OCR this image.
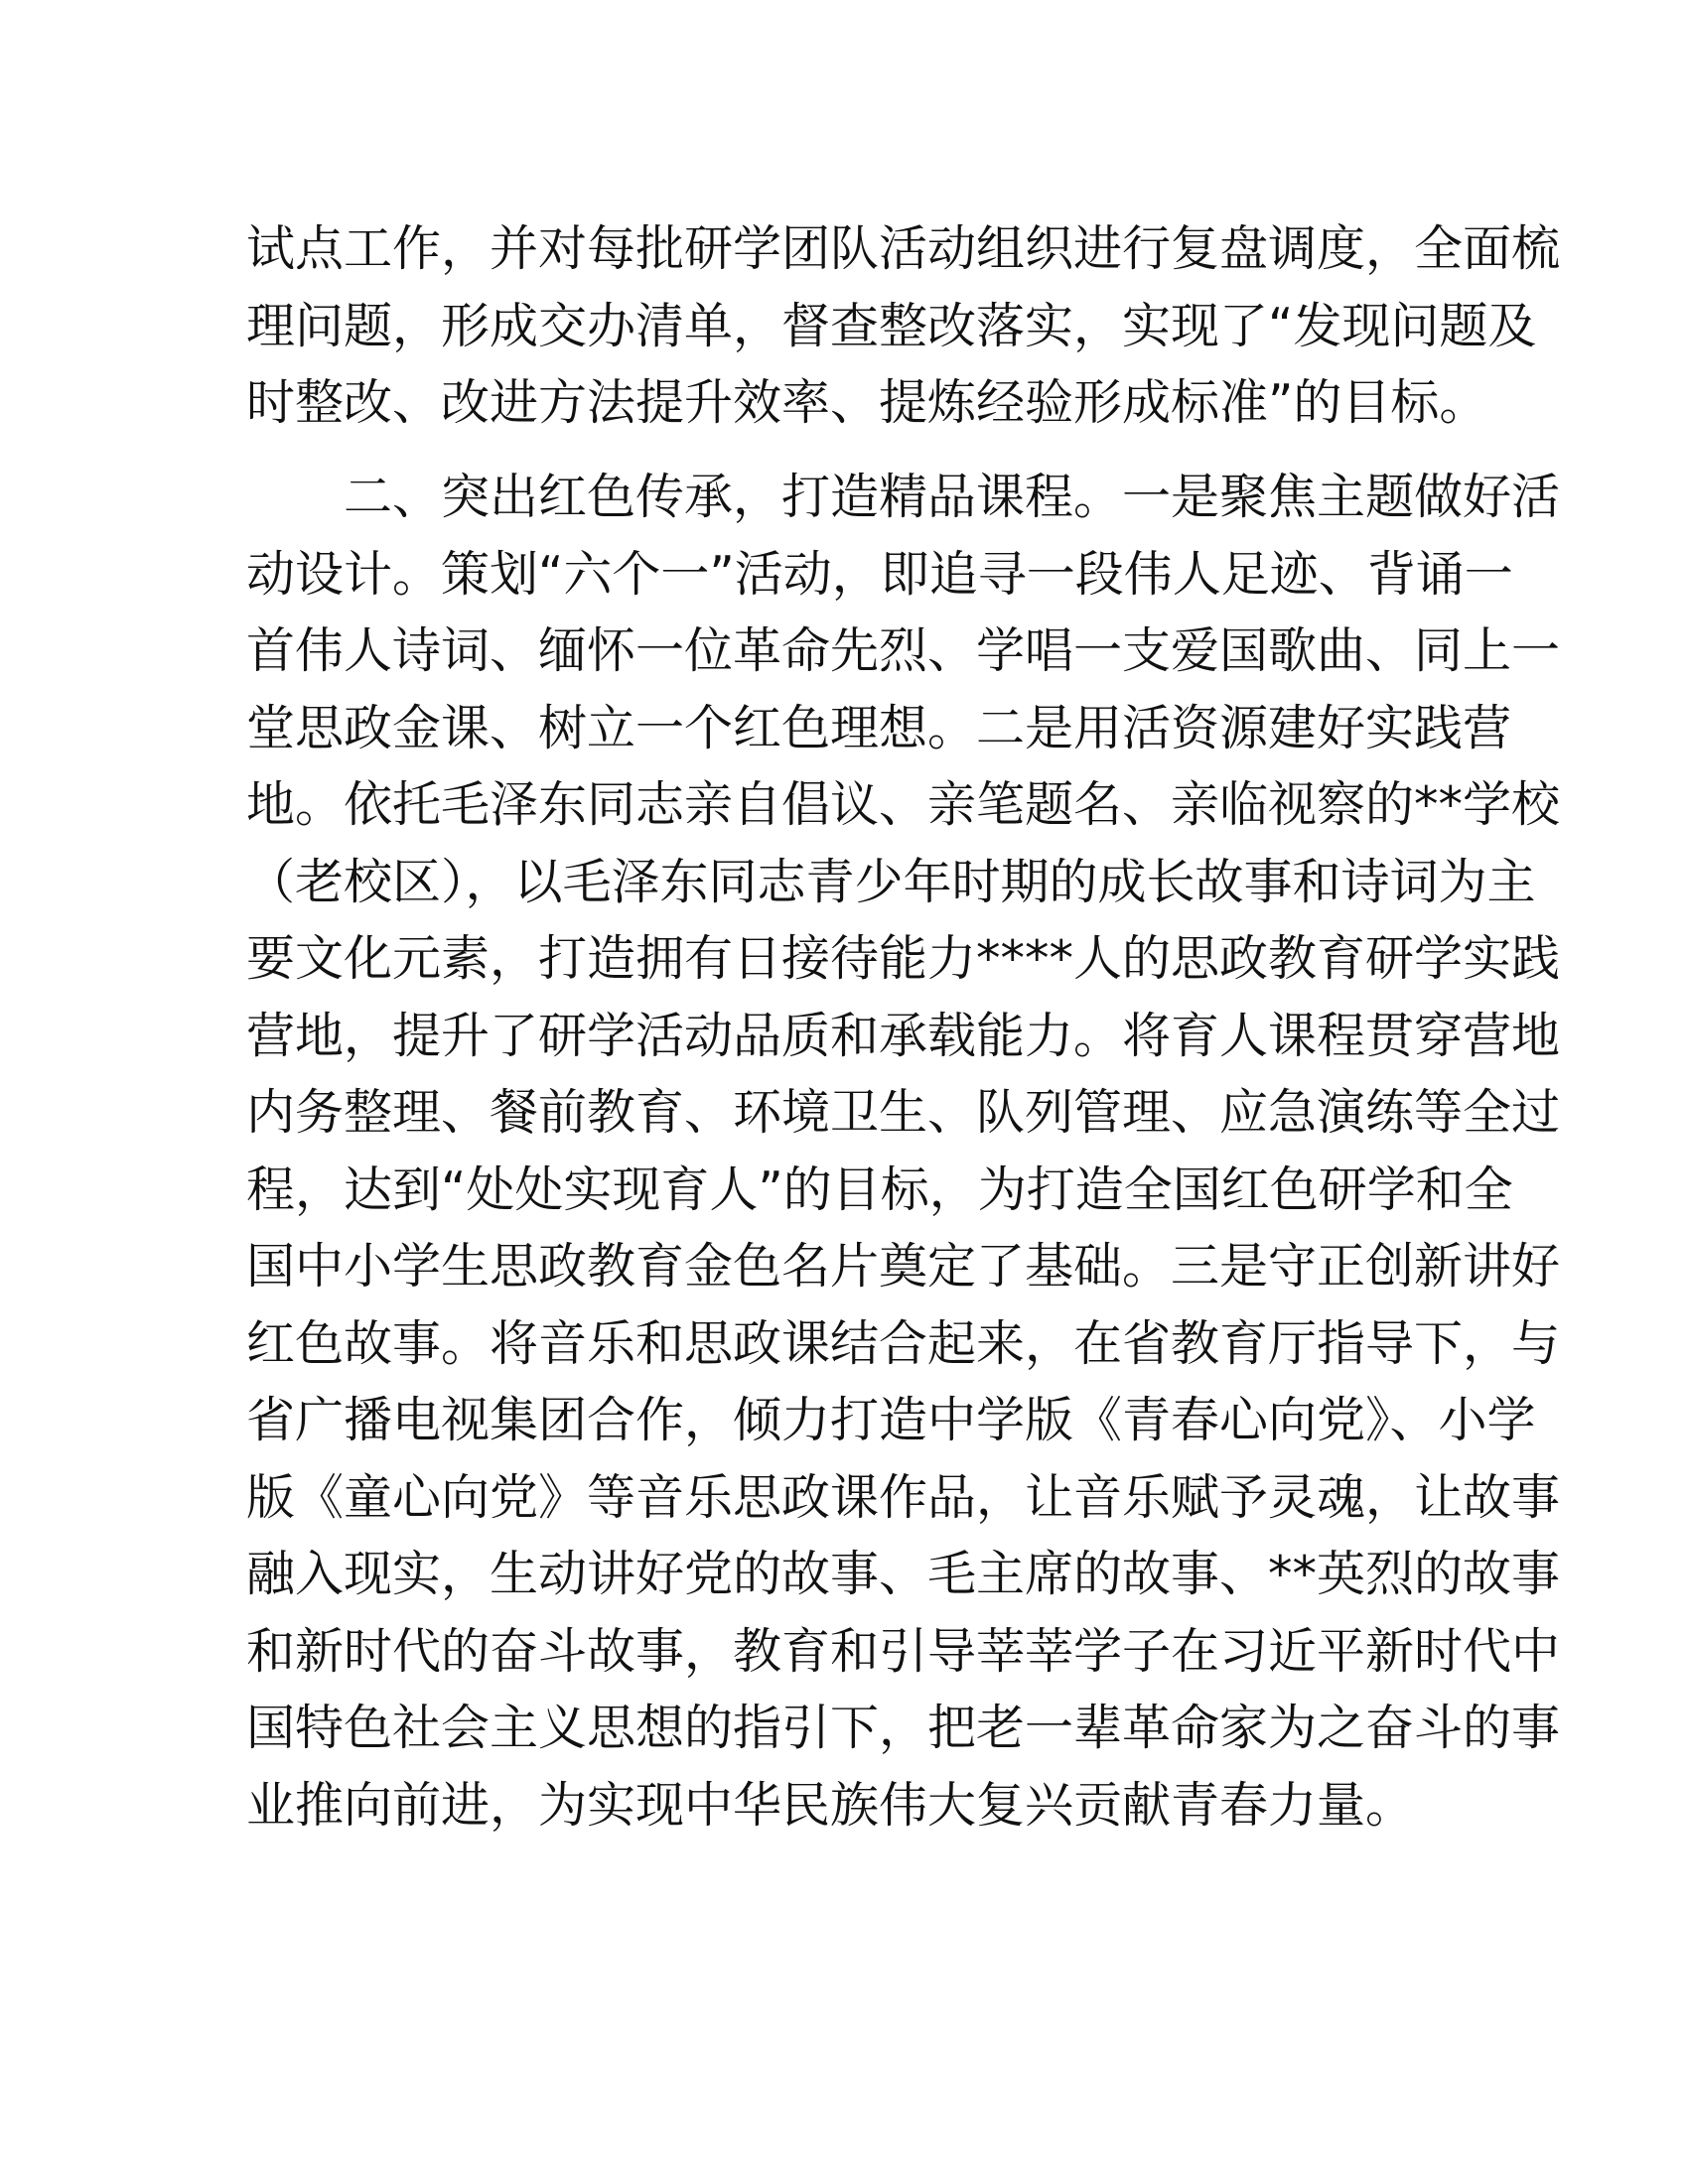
试点工作，并对每批研学团队活动组织进行复盘调度，全面梳
理问题，形成交办清单，督查整改落实，实现了“发现问题及
时整改、改进方法提升效率、提炼经验形成标准”的目标。
二、突出红色传承，打造精品课程。一是聚焦主题做好活
动设计。策划“六个一”活动，即追寻一段伟人足迹、背诵一
首伟人诗词、缅怀一位革命先烈、学唱一支爱国歌曲、同上一
堂思政金课、树立一个红色理想。二是用活资源建好实践营
地。依托毛泽东同志亲自倡议、亲笔题名、亲临视察的**学校
（老校区），以毛泽东同志青少年时期的成长故事和诗词为主
要文化元素，打造拥有日接待能力****人的思政教育研学实践
营地，提升了研学活动品质和承载能力。将育人课程贯穿营地
内务整理、餐前教育、环境卫生、队列管理、应急演练等全过
程，达到“处处实现育人”的目标，为打造全国红色研学和全
国中小学生思政教育金色名片奠定了基础。三是守正创新讲好
红色故事。将音乐和思政课结合起来，在省教育厅指导下，与
省广播电视集团合作，倾力打造中学版《青春心向党》、小学
版《童心向党》等音乐思政课作品，让音乐赋予灵魂，让故事
融入现实，生动讲好党的故事、毛主席的故事、**英烈的故事
和新时代的奋斗故事，教育和引导莘莘学子在习近平新时代中
国特色社会主义思想的指引下，把老一辈革命家为之奋斗的事
业推向前进，为实现中华民族伟大复兴贡献青春力量。
